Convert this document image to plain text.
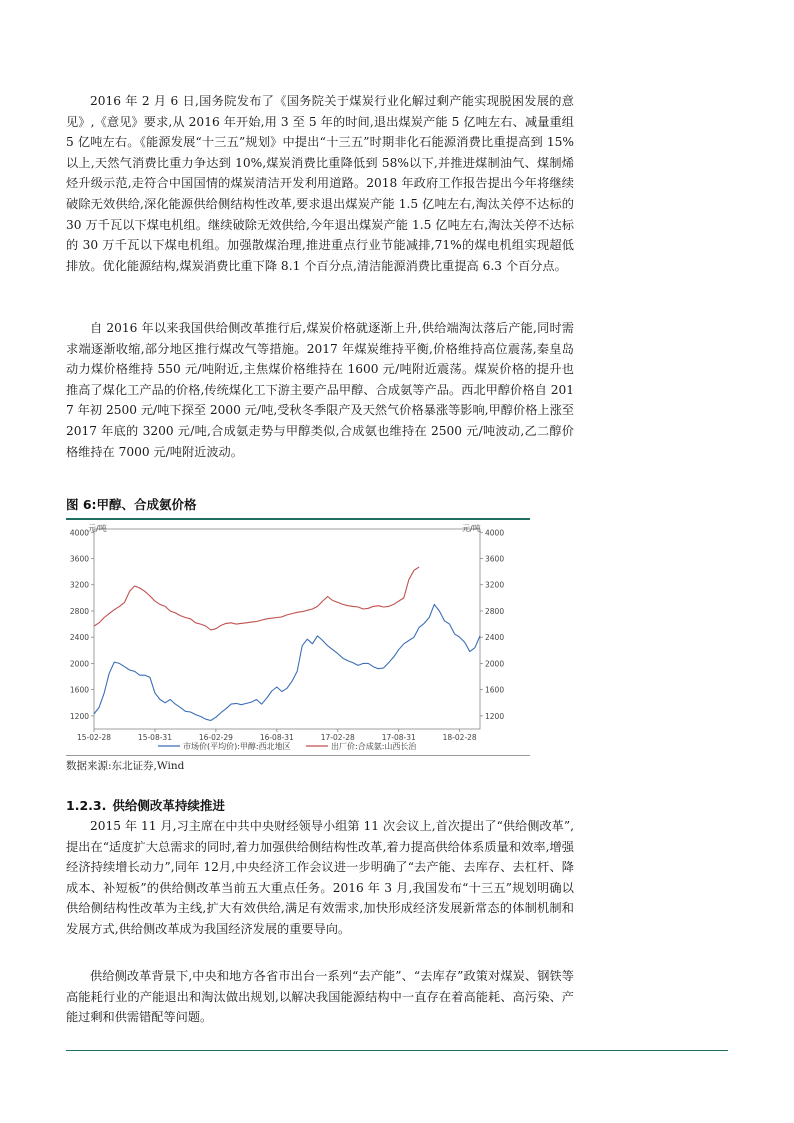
2016 年 2 月 6 日,国务院发布了《国务院关于煤炭行业化解过剩产能实现脱困发展的意见》,《意见》要求,从 2016 年开始,用 3 至 5 年的时间,退出煤炭产能 5 亿吨左右、减量重组 5 亿吨左右。《能源发展“十三五”规划》中提出“十三五”时期非化石能源消费比重提高到 15%以上,天然气消费比重力争达到 10%,煤炭消费比重降低到 58%以下,并推进煤制油气、煤制烯烃升级示范,走符合中国国情的煤炭清洁开发利用道路。2018 年政府工作报告提出今年将继续破除无效供给,深化能源供给侧结构性改革,要求退出煤炭产能 1.5 亿吨左右,淘汰关停不达标的 30 万千瓦以下煤电机组。继续破除无效供给,今年退出煤炭产能 1.5 亿吨左右,淘汰关停不达标的 30 万千瓦以下煤电机组。加强散煤治理,推进重点行业节能减排,71%的煤电机组实现超低排放。优化能源结构,煤炭消费比重下降 8.1 个百分点,清洁能源消费比重提高 6.3 个百分点。

自 2016 年以来我国供给侧改革推行后,煤炭价格就逐渐上升,供给端淘汰落后产能,同时需求端逐渐收缩,部分地区推行煤改气等措施。2017 年煤炭维持平衡,价格维持高位震荡,秦皇岛动力煤价格维持 550 元/吨附近,主焦煤价格维持在 1600 元/吨附近震荡。煤炭价格的提升也推高了煤化工产品的价格,传统煤化工下游主要产品甲醇、合成氨等产品。西北甲醇价格自 2017 年初 2500 元/吨下探至 2000 元/吨,受秋冬季限产及天然气价格暴涨等影响,甲醇价格上涨至 2017 年底的 3200 元/吨,合成氨走势与甲醇类似,合成氨也维持在 2500 元/吨波动,乙二醇价格维持在 7000 元/吨附近波动。

图 6:甲醇、合成氨价格
1200
1600
2000
2400
2800
3200
3600
4000
1200
1600
2000
2400
2800
3200
3600
4000
15-02-28	15-08-31	16-02-29	16-08-31	17-02-28	17-08-31	18-02-28
元/吨	元/吨
市场价(平均价):甲醇:西北地区	出厂价:合成氨:山西长治
数据来源:东北证券,Wind
1.2.3. 供给侧改革持续推进

2015 年 11 月,习主席在中共中央财经领导小组第 11 次会议上,首次提出了“供给侧改革”,提出在“适度扩大总需求的同时,着力加强供给侧结构性改革,着力提高供给体系质量和效率,增强经济持续增长动力”,同年 12月,中央经济工作会议进一步明确了“去产能、去库存、去杠杆、降成本、补短板”的供给侧改革当前五大重点任务。2016 年 3 月,我国发布“十三五”规划明确以供给侧结构性改革为主线,扩大有效供给,满足有效需求,加快形成经济发展新常态的体制机制和发展方式,供给侧改革成为我国经济发展的重要导向。

供给侧改革背景下,中央和地方各省市出台一系列“去产能”、“去库存”政策对煤炭、钢铁等高能耗行业的产能退出和淘汰做出规划,以解决我国能源结构中一直存在着高能耗、高污染、产能过剩和供需错配等问题。
